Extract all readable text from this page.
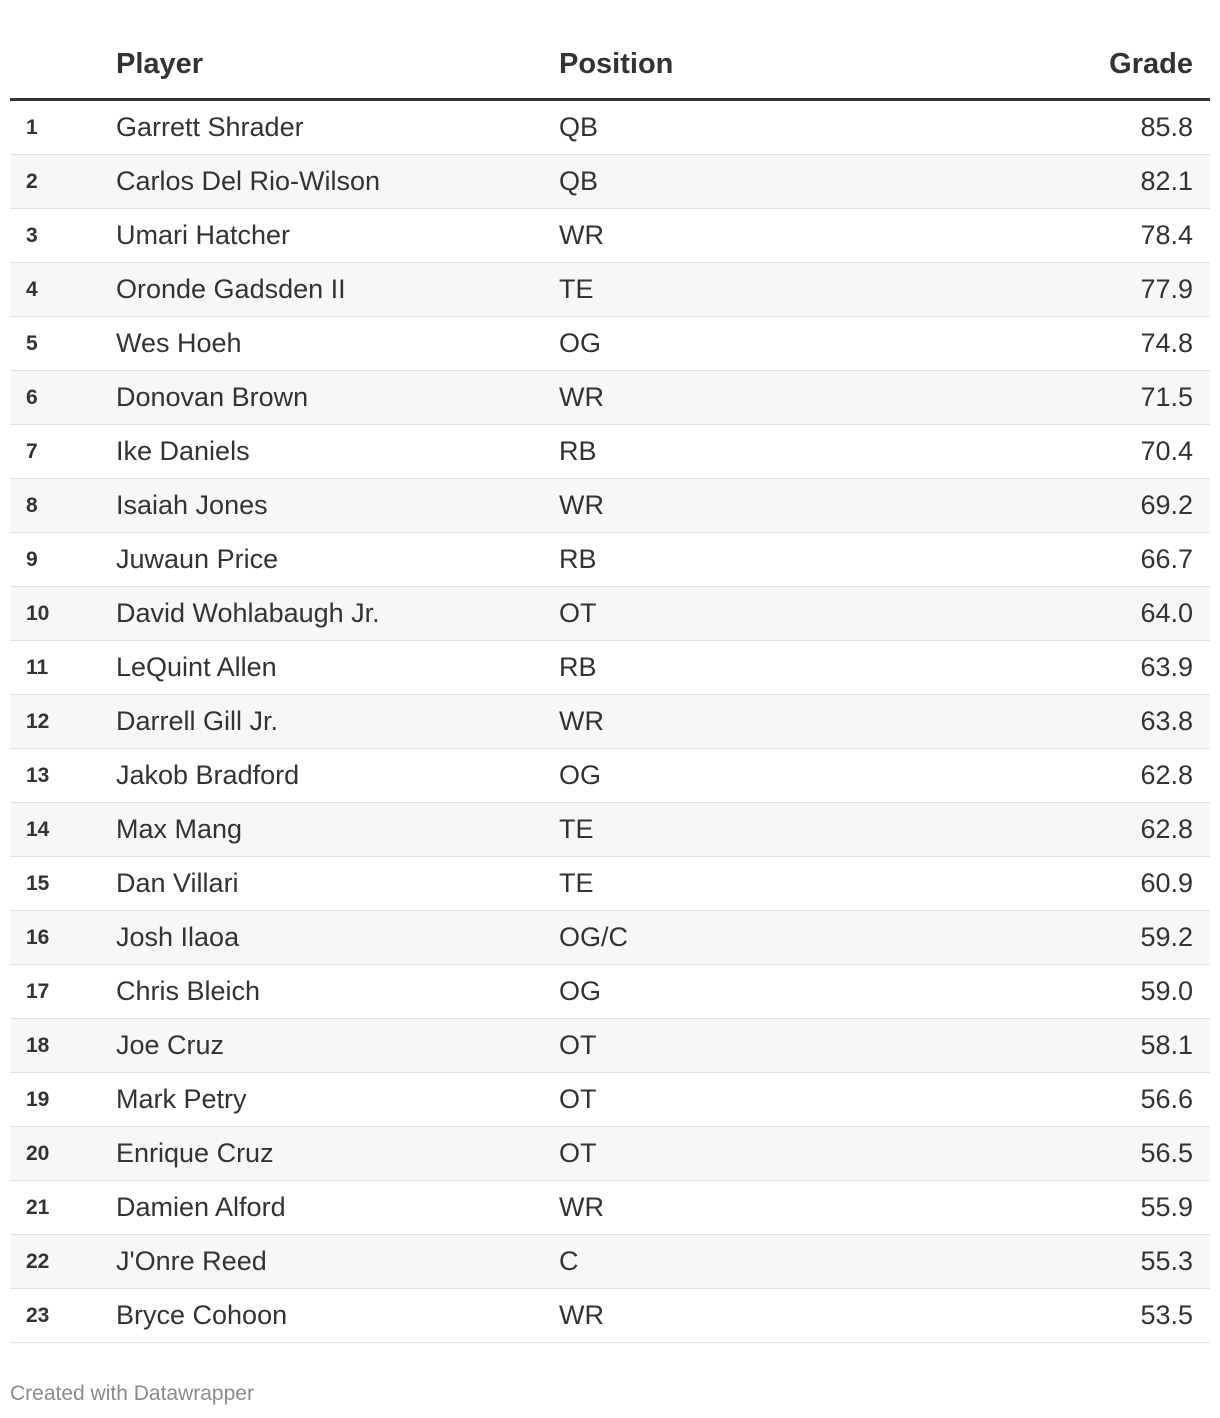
Player	Position	Grade
1	Garrett Shrader	QB	85.8
2	Carlos Del Rio-Wilson	QB	82.1
3	Umari Hatcher	WR	78.4
4	Oronde Gadsden II	TE	77.9
5	Wes Hoeh	OG	74.8
6	Donovan Brown	WR	71.5
7	Ike Daniels	RB	70.4
8	Isaiah Jones	WR	69.2
9	Juwaun Price	RB	66.7
10 David Wohlabaugh Jr.	OT	64.0
11	LeQuint Allen	RB	63.9
12 Darrell Gill Jr.	WR	63.8
13 Jakob Bradford	OG	62.8
14 Max Mang	TE	62.8
15 Dan Villari	TE	60.9
16 Josh Ilaoa	OG/C	59.2
17 Chris Bleich	OG	59.0
18 Joe Cruz	OT	58.1
19 Mark Petry	OT	56.6
20 Enrique Cruz	OT	56.5
21 Damien Alford	WR	55.9
22 J'Onre Reed	C	55.3
23 Bryce Cohoon	WR	53.5
Created with Datawrapper
